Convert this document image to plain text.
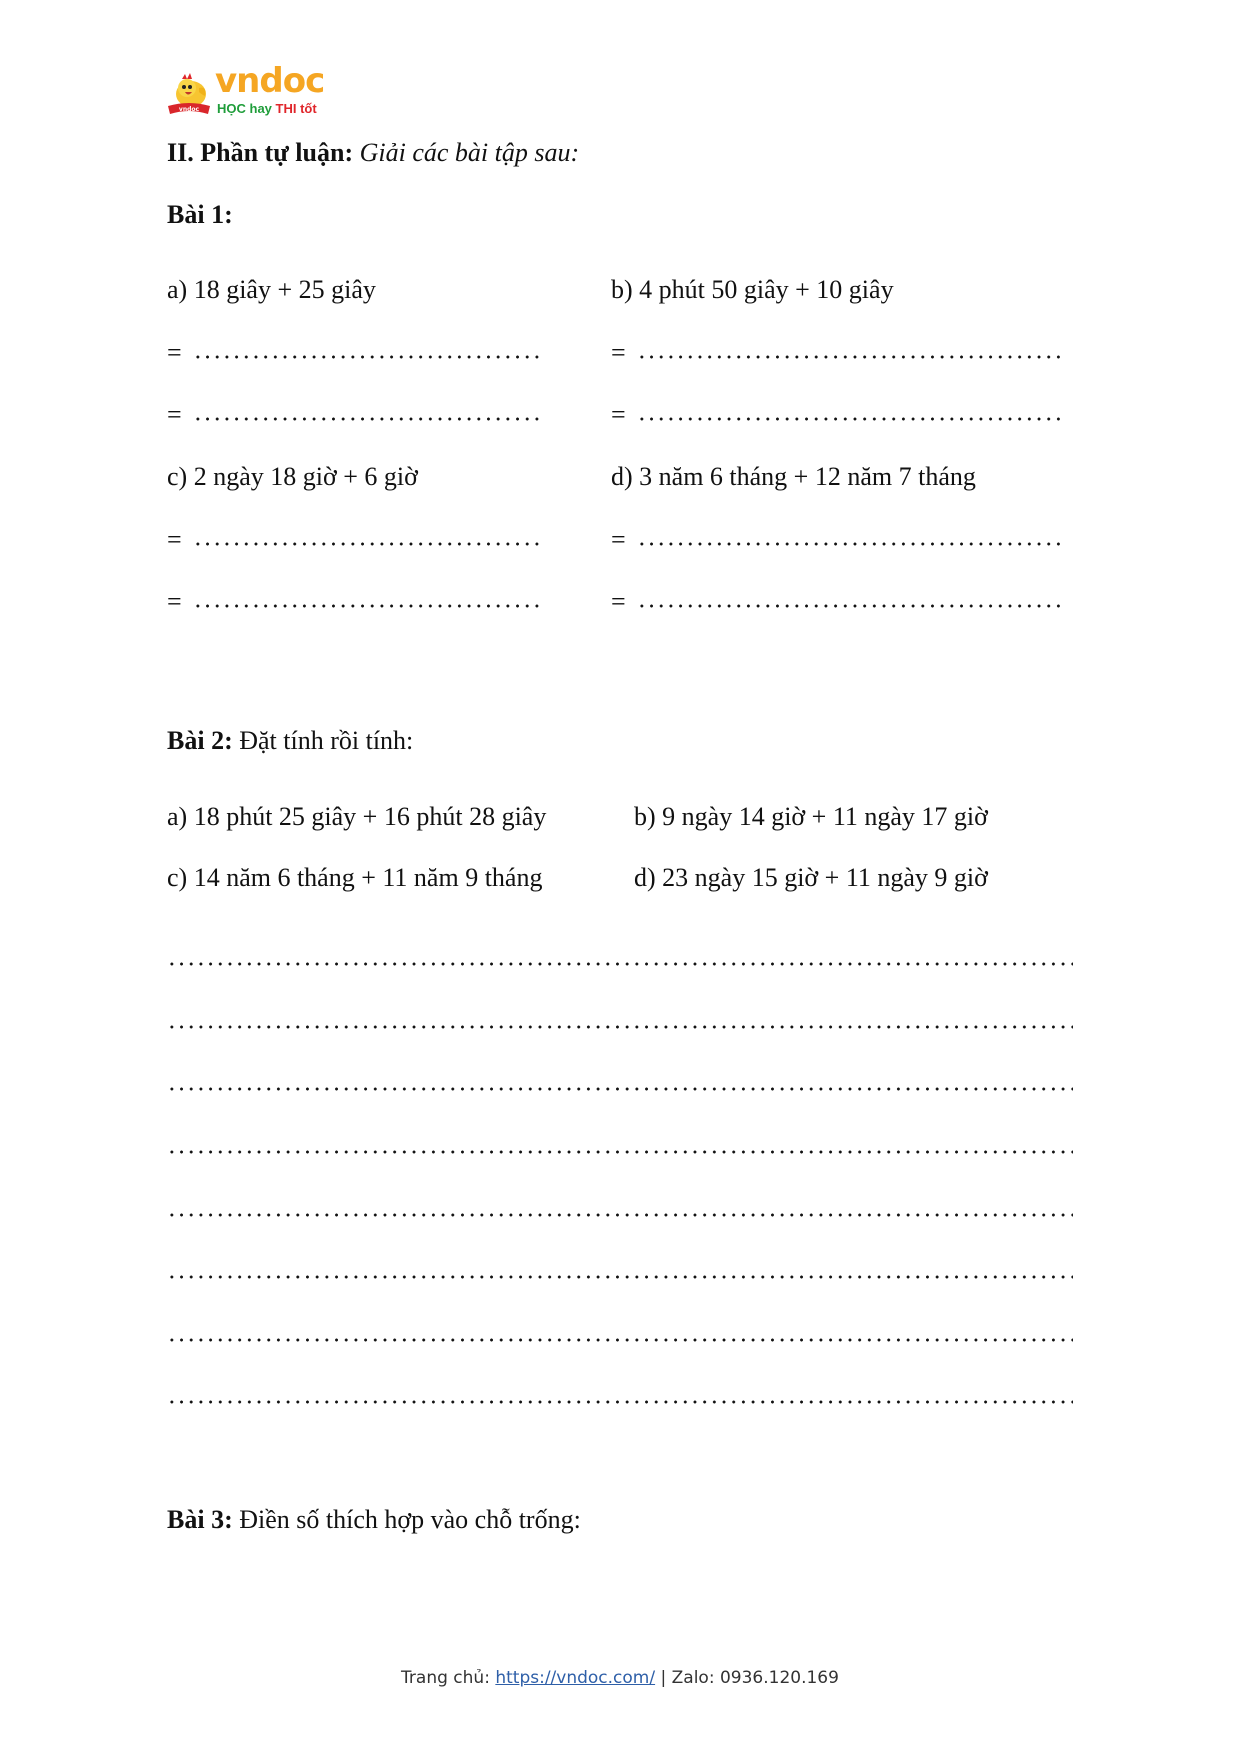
vndoc
vndoc
HỌC hay THI tốt
II. Phần tự luận: Giải các bài tập sau:
Bài 1:
a) 18 giây + 25 giây	b) 4 phút 50 giây + 10 giây
=	=
=	=
c) 2 ngày 18 giờ + 6 giờ	d) 3 năm 6 tháng + 12 năm 7 tháng
=	=
=	=
Bài 2: Đặt tính rồi tính:
a) 18 phút 25 giây + 16 phút 28 giây	b) 9 ngày 14 giờ + 11 ngày 17 giờ
c) 14 năm 6 tháng + 11 năm 9 tháng	d) 23 ngày 15 giờ + 11 ngày 9 giờ
Bài 3: Điền số thích hợp vào chỗ trống:
Trang chủ: https://vndoc.com/ | Zalo: 0936.120.169
